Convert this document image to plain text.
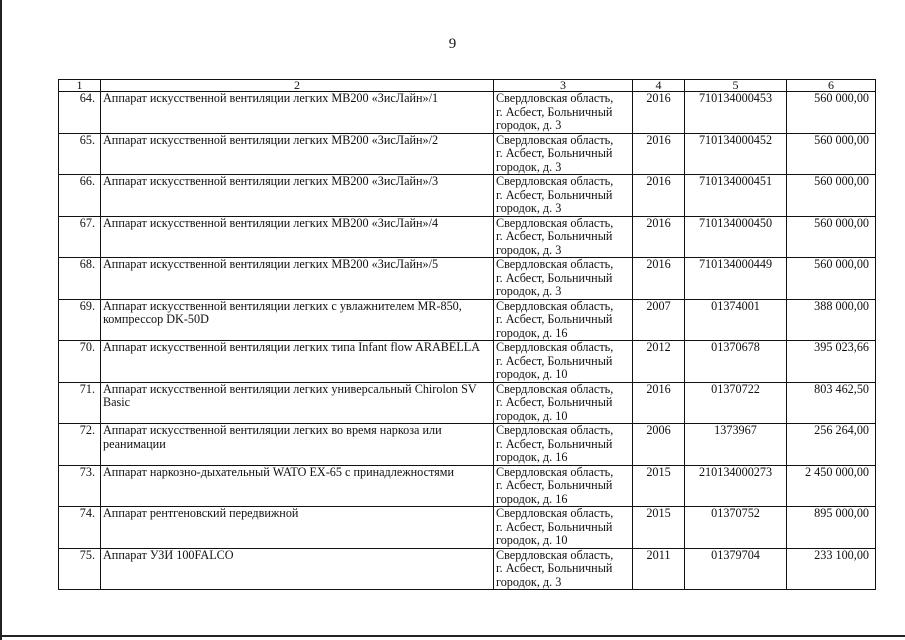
9
1	2	3	4	5	6
64.	Аппарат искусственной вентиляции легких MB200 «ЗисЛайн»/1	Свердловская область,
г. Асбест, Больничный
городок, д. 3	2016	710134000453	560 000,00
65.	Аппарат искусственной вентиляции легких MB200 «ЗисЛайн»/2	Свердловская область,
г. Асбест, Больничный
городок, д. 3	2016	710134000452	560 000,00
66.	Аппарат искусственной вентиляции легких MB200 «ЗисЛайн»/3	Свердловская область,
г. Асбест, Больничный
городок, д. 3	2016	710134000451	560 000,00
67.	Аппарат искусственной вентиляции легких MB200 «ЗисЛайн»/4	Свердловская область,
г. Асбест, Больничный
городок, д. 3	2016	710134000450	560 000,00
68.	Аппарат искусственной вентиляции легких MB200 «ЗисЛайн»/5	Свердловская область,
г. Асбест, Больничный
городок, д. 3	2016	710134000449	560 000,00
69.	Аппарат искусственной вентиляции легких с увлажнителем MR-850, компрессор DK-50D	Свердловская область,
г. Асбест, Больничный
городок, д. 16	2007	01374001	388 000,00
70.	Аппарат искусственной вентиляции легких типа Infant flow ARABELLA	Свердловская область,
г. Асбест, Больничный
городок, д. 10	2012	01370678	395 023,66
71.	Аппарат искусственной вентиляции легких универсальный Chirolon SV Basic	Свердловская область,
г. Асбест, Больничный
городок, д. 10	2016	01370722	803 462,50
72.	Аппарат искусственной вентиляции легких во время наркоза или реанимации	Свердловская область,
г. Асбест, Больничный
городок, д. 16	2006	1373967	256 264,00
73.	Аппарат наркозно-дыхательный WATO EX-65 с принадлежностями	Свердловская область,
г. Асбест, Больничный
городок, д. 16	2015	210134000273	2 450 000,00
74.	Аппарат рентгеновский передвижной	Свердловская область,
г. Асбест, Больничный
городок, д. 10	2015	01370752	895 000,00
75.	Аппарат УЗИ 100FALCO	Свердловская область,
г. Асбест, Больничный
городок, д. 3	2011	01379704	233 100,00
